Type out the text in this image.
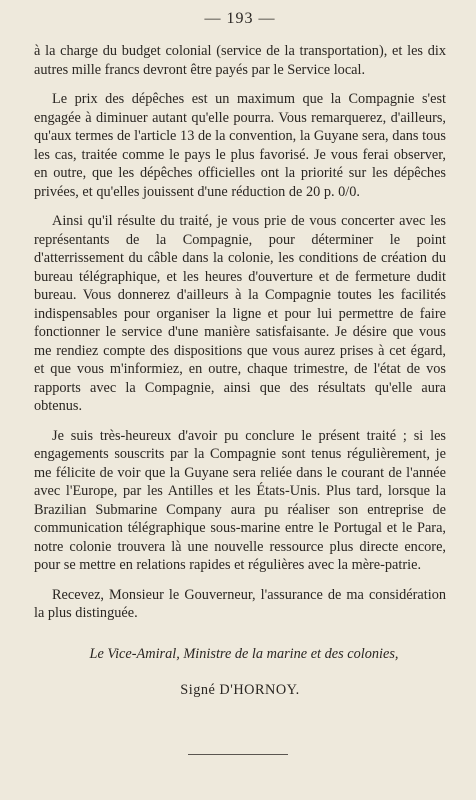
— 193 —

à la charge du budget colonial (service de la transportation), et les dix autres mille francs devront être payés par le Service local.

Le prix des dépêches est un maximum que la Compagnie s'est engagée à diminuer autant qu'elle pourra. Vous remarquerez, d'ailleurs, qu'aux termes de l'article 13 de la convention, la Guyane sera, dans tous les cas, traitée comme le pays le plus favorisé. Je vous ferai observer, en outre, que les dépêches officielles ont la priorité sur les dépêches privées, et qu'elles jouissent d'une réduction de 20 p. 0/0.

Ainsi qu'il résulte du traité, je vous prie de vous concerter avec les représentants de la Compagnie, pour déterminer le point d'atterrissement du câble dans la colonie, les conditions de création du bureau télégraphique, et les heures d'ouverture et de fermeture dudit bureau. Vous donnerez d'ailleurs à la Compagnie toutes les facilités indispensables pour organiser la ligne et pour lui permettre de faire fonctionner le service d'une manière satisfaisante. Je désire que vous me rendiez compte des dispositions que vous aurez prises à cet égard, et que vous m'informiez, en outre, chaque trimestre, de l'état de vos rapports avec la Compagnie, ainsi que des résultats qu'elle aura obtenus.

Je suis très-heureux d'avoir pu conclure le présent traité ; si les engagements souscrits par la Compagnie sont tenus régulièrement, je me félicite de voir que la Guyane sera reliée dans le courant de l'année avec l'Europe, par les Antilles et les États-Unis. Plus tard, lorsque la Brazilian Submarine Company aura pu réaliser son entreprise de communication télégraphique sous-marine entre le Portugal et le Para, notre colonie trouvera là une nouvelle ressource plus directe encore, pour se mettre en relations rapides et régulières avec la mère-patrie.

Recevez, Monsieur le Gouverneur, l'assurance de ma considération la plus distinguée.

Le Vice-Amiral, Ministre de la marine et des colonies,

Signé D'HORNOY.
